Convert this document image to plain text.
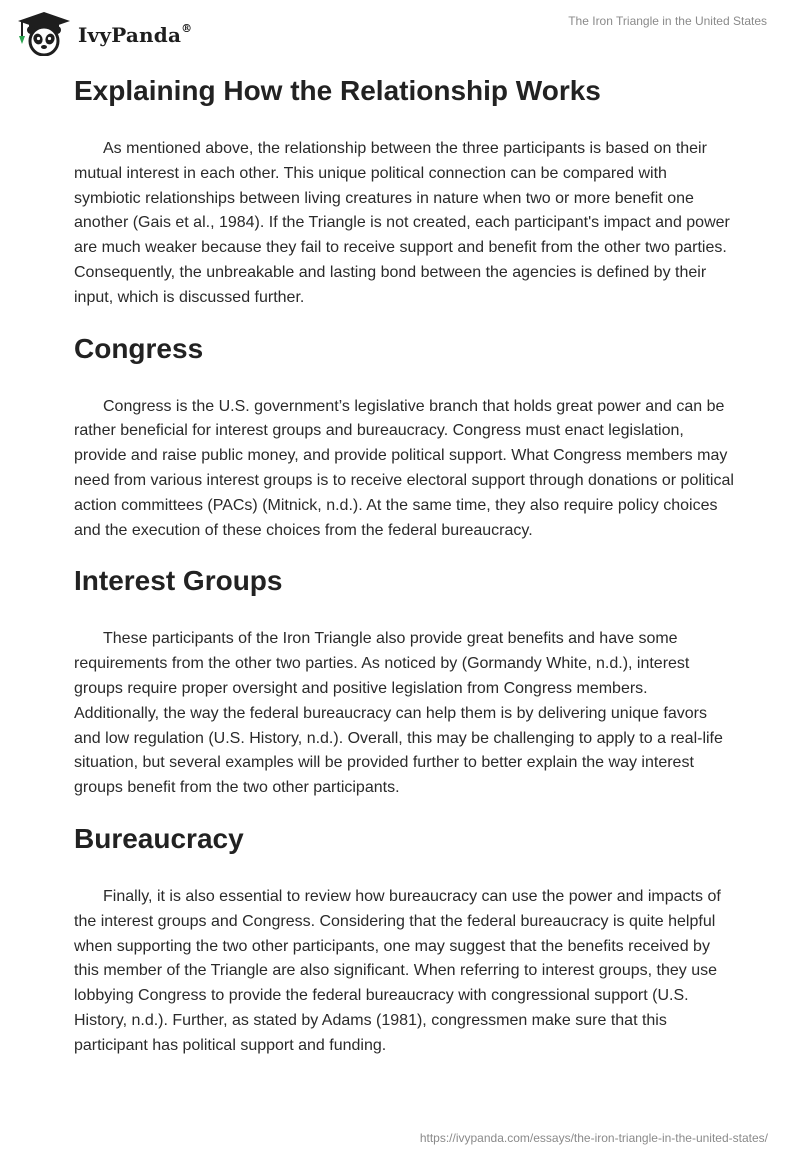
IvyPanda®
The Iron Triangle in the United States
Explaining How the Relationship Works

As mentioned above, the relationship between the three participants is based on their mutual interest in each other. This unique political connection can be compared with symbiotic relationships between living creatures in nature when two or more benefit one another (Gais et al., 1984). If the Triangle is not created, each participant's impact and power are much weaker because they fail to receive support and benefit from the other two parties. Consequently, the unbreakable and lasting bond between the agencies is defined by their input, which is discussed further.

Congress

Congress is the U.S. government’s legislative branch that holds great power and can be rather beneficial for interest groups and bureaucracy. Congress must enact legislation, provide and raise public money, and provide political support. What Congress members may need from various interest groups is to receive electoral support through donations or political action committees (PACs) (Mitnick, n.d.). At the same time, they also require policy choices and the execution of these choices from the federal bureaucracy.

Interest Groups

These participants of the Iron Triangle also provide great benefits and have some requirements from the other two parties. As noticed by (Gormandy White, n.d.), interest groups require proper oversight and positive legislation from Congress members. Additionally, the way the federal bureaucracy can help them is by delivering unique favors and low regulation (U.S. History, n.d.). Overall, this may be challenging to apply to a real-life situation, but several examples will be provided further to better explain the way interest groups benefit from the two other participants.

Bureaucracy

Finally, it is also essential to review how bureaucracy can use the power and impacts of the interest groups and Congress. Considering that the federal bureaucracy is quite helpful when supporting the two other participants, one may suggest that the benefits received by this member of the Triangle are also significant. When referring to interest groups, they use lobbying Congress to provide the federal bureaucracy with congressional support (U.S. History, n.d.). Further, as stated by Adams (1981), congressmen make sure that this participant has political support and funding.

https://ivypanda.com/essays/the-iron-triangle-in-the-united-states/
